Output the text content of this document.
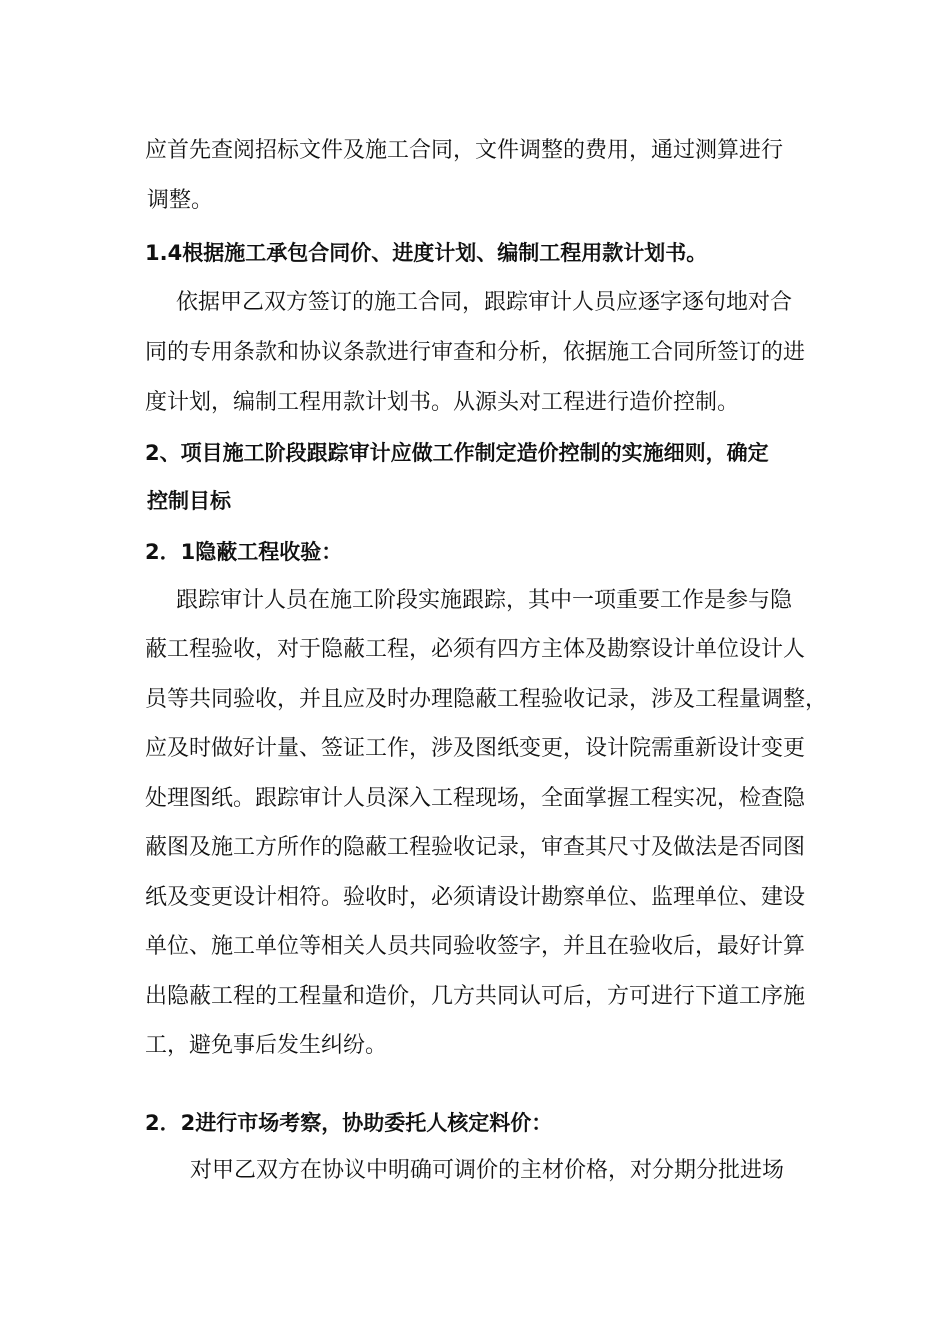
应首先查阅招标文件及施工合同，文件调整的费用，通过测算进行
调整。
1.4根据施工承包合同价、进度计划、编制工程用款计划书。
依据甲乙双方签订的施工合同，跟踪审计人员应逐字逐句地对合
同的专用条款和协议条款进行审查和分析，依据施工合同所签订的进
度计划，编制工程用款计划书。从源头对工程进行造价控制。
2、项目施工阶段跟踪审计应做工作制定造价控制的实施细则，确定
控制目标
2．1隐蔽工程收验：
跟踪审计人员在施工阶段实施跟踪，其中一项重要工作是参与隐
蔽工程验收，对于隐蔽工程，必须有四方主体及勘察设计单位设计人
员等共同验收，并且应及时办理隐蔽工程验收记录，涉及工程量调整，
应及时做好计量、签证工作，涉及图纸变更，设计院需重新设计变更
处理图纸。跟踪审计人员深入工程现场，全面掌握工程实况，检查隐
蔽图及施工方所作的隐蔽工程验收记录，审查其尺寸及做法是否同图
纸及变更设计相符。验收时，必须请设计勘察单位、监理单位、建设
单位、施工单位等相关人员共同验收签字，并且在验收后，最好计算
出隐蔽工程的工程量和造价，几方共同认可后，方可进行下道工序施
工，避免事后发生纠纷。
2．2进行市场考察，协助委托人核定料价：
对甲乙双方在协议中明确可调价的主材价格，对分期分批进场
